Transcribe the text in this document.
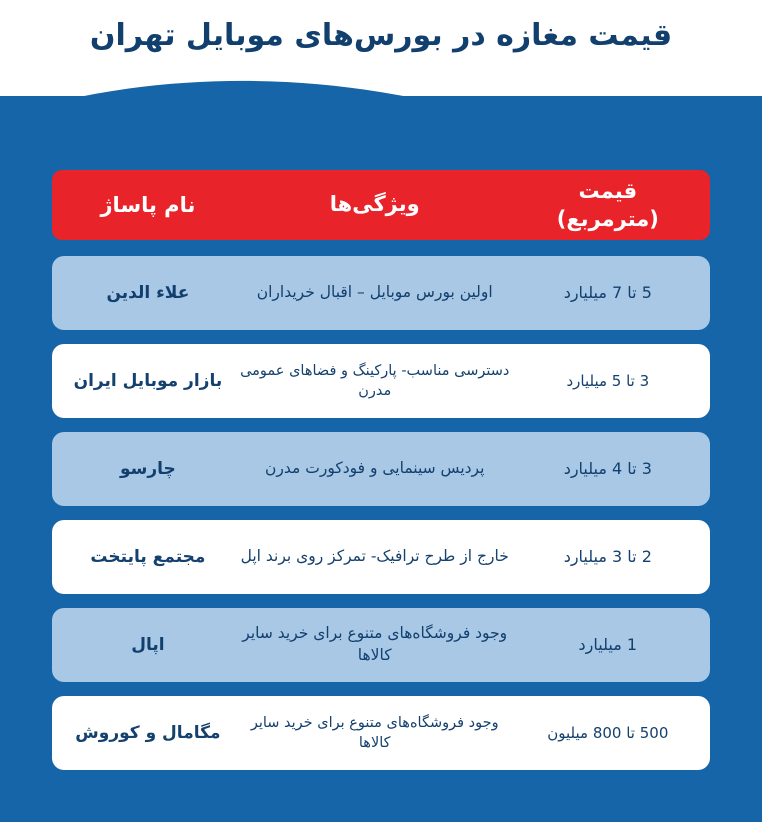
قیمت مغازه در بورس‌های موبایل تهران
قیمت (مترمربع)
ویژگی‌ها
نام پاساژ
5 تا 7 میلیارد
اولین بورس موبایل – اقبال خریداران
علاء الدین
3 تا 5 میلیارد
دسترسی مناسب- پارکینگ و فضاهای عمومی مدرن
بازار موبایل ایران
3 تا 4 میلیارد
پردیس سینمایی و فودکورت مدرن
چارسو
2 تا 3 میلیارد
خارج از طرح ترافیک- تمرکز روی برند اپل
مجتمع پایتخت
1 میلیارد
وجود فروشگاه‌های متنوع برای خرید سایر کالاها
اپال
500 تا 800 میلیون
وجود فروشگاه‌های متنوع برای خرید سایر کالاها
مگامال و کوروش
